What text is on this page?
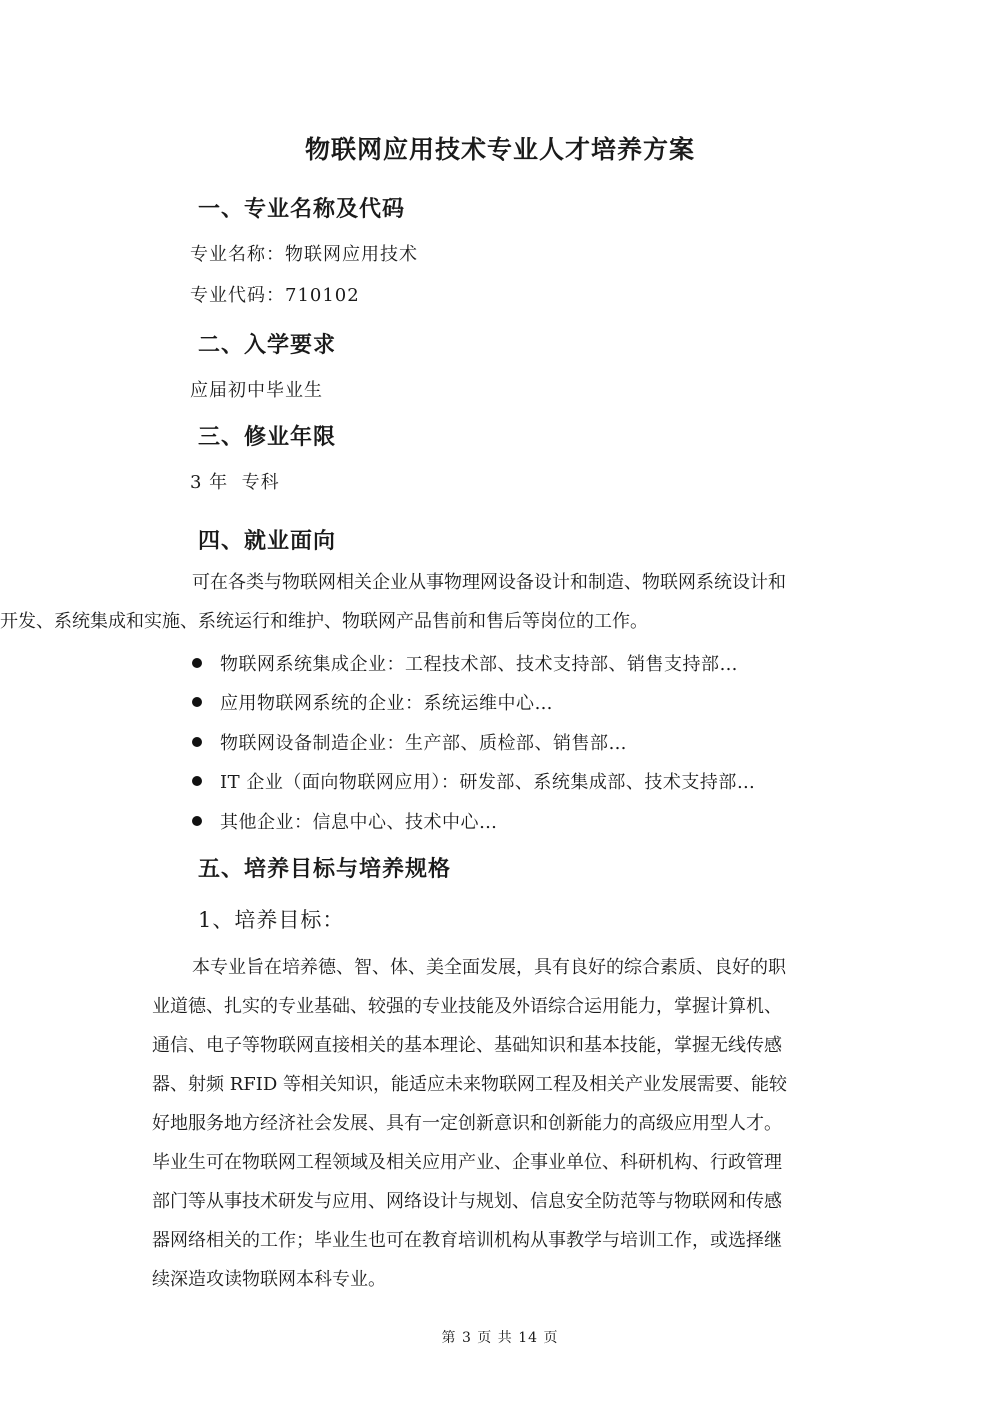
物联网应用技术专业人才培养方案
一、专业名称及代码
专业名称：物联网应用技术
专业代码：710102
二、入学要求
应届初中毕业生
三、修业年限
3 年  专科
四、就业面向
可在各类与物联网相关企业从事物理网设备设计和制造、物联网系统设计和
开发、系统集成和实施、系统运行和维护、物联网产品售前和售后等岗位的工作。
物联网系统集成企业：工程技术部、技术支持部、销售支持部…
应用物联网系统的企业：系统运维中心…
物联网设备制造企业：生产部、质检部、销售部…
IT 企业（面向物联网应用）：研发部、系统集成部、技术支持部…
其他企业：信息中心、技术中心…
五、培养目标与培养规格
1、培养目标：
本专业旨在培养德、智、体、美全面发展，具有良好的综合素质、良好的职
业道德、扎实的专业基础、较强的专业技能及外语综合运用能力，掌握计算机、
通信、电子等物联网直接相关的基本理论、基础知识和基本技能，掌握无线传感
器、射频 RFID 等相关知识，能适应未来物联网工程及相关产业发展需要、能较
好地服务地方经济社会发展、具有一定创新意识和创新能力的高级应用型人才。
毕业生可在物联网工程领域及相关应用产业、企事业单位、科研机构、行政管理
部门等从事技术研发与应用、网络设计与规划、信息安全防范等与物联网和传感
器网络相关的工作；毕业生也可在教育培训机构从事教学与培训工作，或选择继
续深造攻读物联网本科专业。
第 3 页 共 14 页
